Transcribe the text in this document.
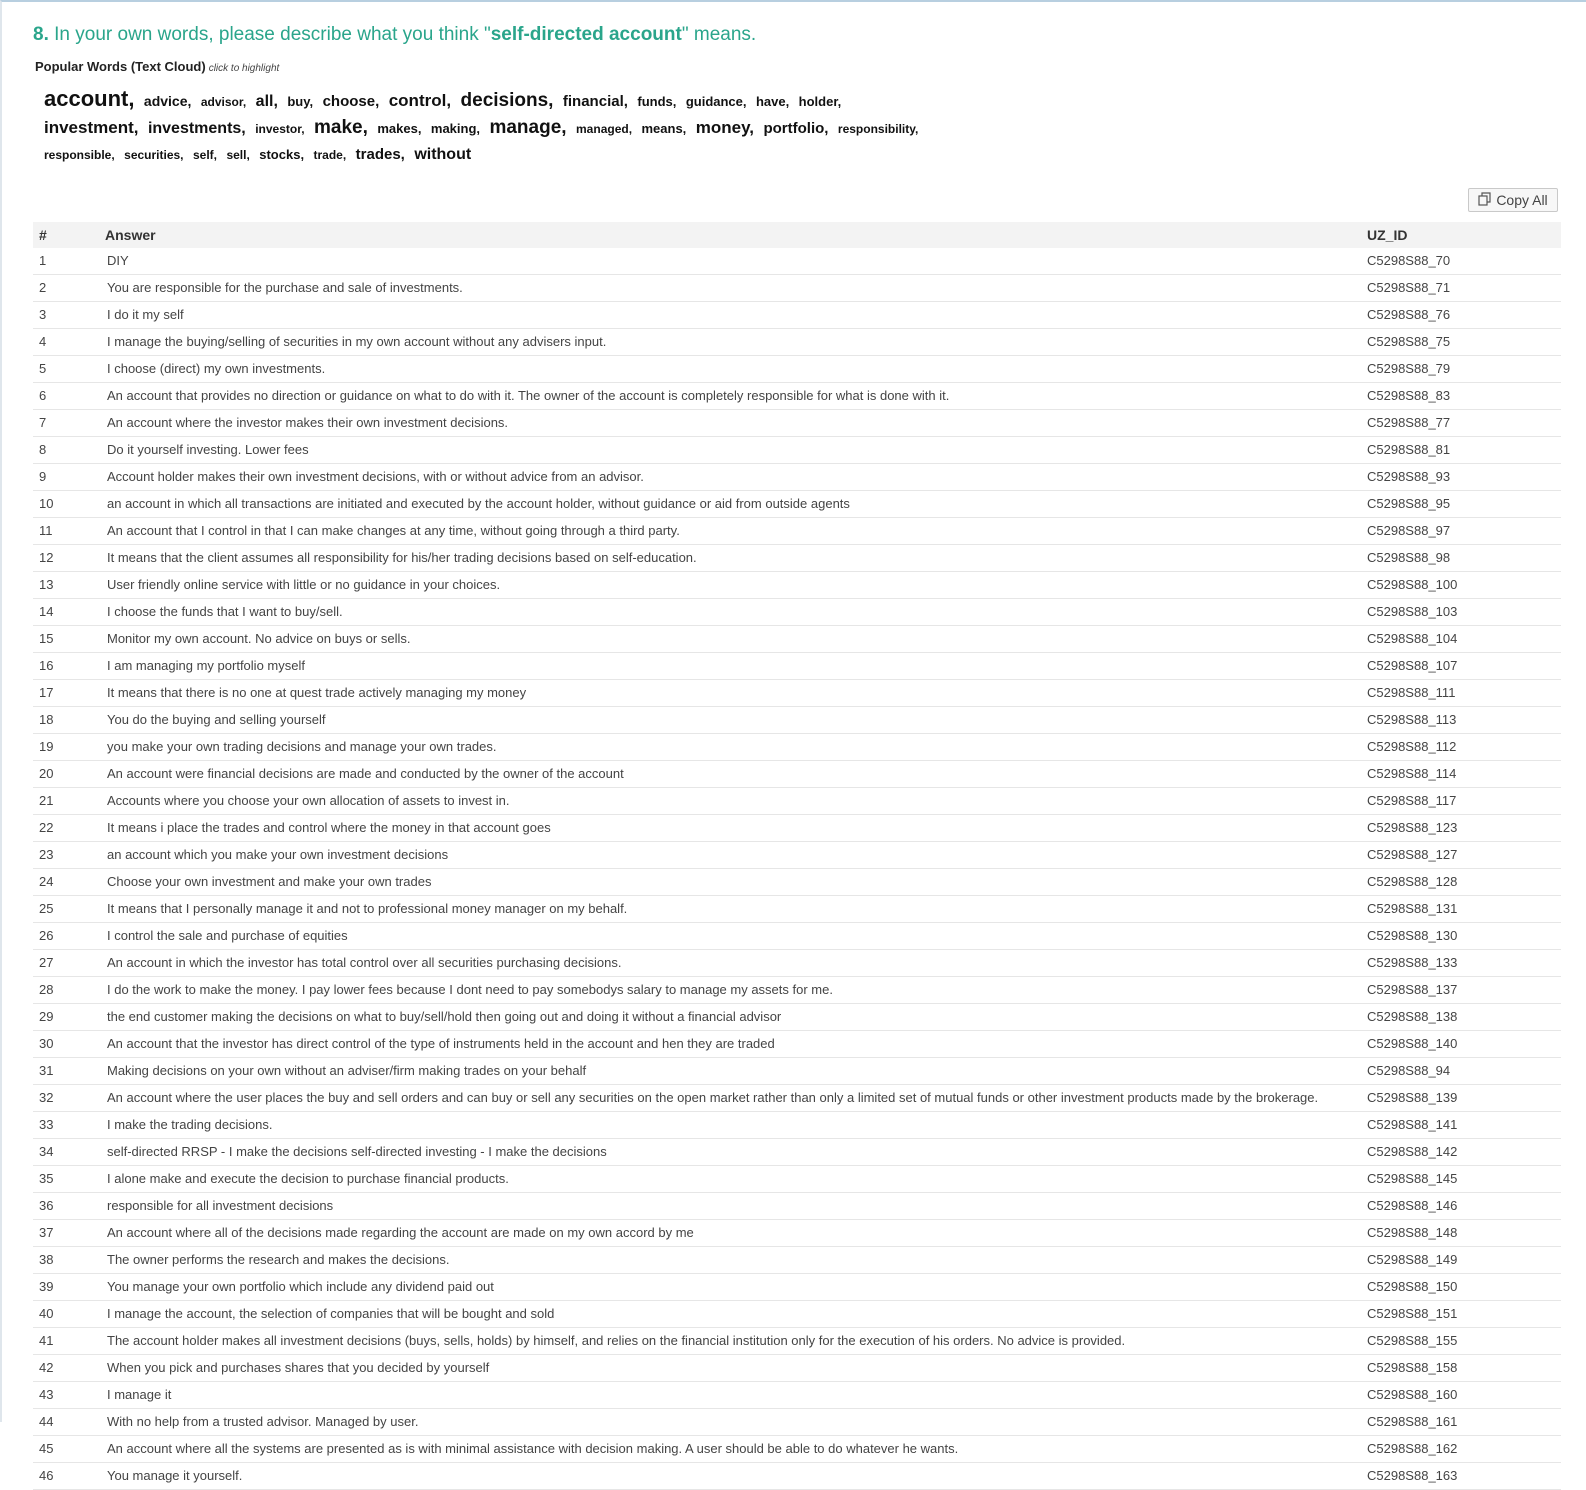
8. In your own words, please describe what you think "self-directed account" means.
Popular Words (Text Cloud) click to highlight
account, advice, advisor, all, buy, choose, control, decisions, financial, funds, guidance, have, holder, investment, investments, investor, make, makes, making, manage, managed, means, money, portfolio, responsibility, responsible, securities, self, sell, stocks, trade, trades, without
Copy All
#	Answer	UZ_ID
1	DIY	C5298S88_70
2	You are responsible for the purchase and sale of investments.	C5298S88_71
3	I do it my self	C5298S88_76
4	I manage the buying/selling of securities in my own account without any advisers input.	C5298S88_75
5	I choose (direct) my own investments.	C5298S88_79
6	An account that provides no direction or guidance on what to do with it. The owner of the account is completely responsible for what is done with it.	C5298S88_83
7	An account where the investor makes their own investment decisions.	C5298S88_77
8	Do it yourself investing. Lower fees	C5298S88_81
9	Account holder makes their own investment decisions, with or without advice from an advisor.	C5298S88_93
10	an account in which all transactions are initiated and executed by the account holder, without guidance or aid from outside agents	C5298S88_95
11	An account that I control in that I can make changes at any time, without going through a third party.	C5298S88_97
12	It means that the client assumes all responsibility for his/her trading decisions based on self-education.	C5298S88_98
13	User friendly online service with little or no guidance in your choices.	C5298S88_100
14	I choose the funds that I want to buy/sell.	C5298S88_103
15	Monitor my own account. No advice on buys or sells.	C5298S88_104
16	I am managing my portfolio myself	C5298S88_107
17	It means that there is no one at quest trade actively managing my money	C5298S88_111
18	You do the buying and selling yourself	C5298S88_113
19	you make your own trading decisions and manage your own trades.	C5298S88_112
20	An account were financial decisions are made and conducted by the owner of the account	C5298S88_114
21	Accounts where you choose your own allocation of assets to invest in.	C5298S88_117
22	It means i place the trades and control where the money in that account goes	C5298S88_123
23	an account which you make your own investment decisions	C5298S88_127
24	Choose your own investment and make your own trades	C5298S88_128
25	It means that I personally manage it and not to professional money manager on my behalf.	C5298S88_131
26	I control the sale and purchase of equities	C5298S88_130
27	An account in which the investor has total control over all securities purchasing decisions.	C5298S88_133
28	I do the work to make the money. I pay lower fees because I dont need to pay somebodys salary to manage my assets for me.	C5298S88_137
29	the end customer making the decisions on what to buy/sell/hold then going out and doing it without a financial advisor	C5298S88_138
30	An account that the investor has direct control of the type of instruments held in the account and hen they are traded	C5298S88_140
31	Making decisions on your own without an adviser/firm making trades on your behalf	C5298S88_94
32	An account where the user places the buy and sell orders and can buy or sell any securities on the open market rather than only a limited set of mutual funds or other investment products made by the brokerage.	C5298S88_139
33	I make the trading decisions.	C5298S88_141
34	self-directed RRSP - I make the decisions self-directed investing - I make the decisions	C5298S88_142
35	I alone make and execute the decision to purchase financial products.	C5298S88_145
36	responsible for all investment decisions	C5298S88_146
37	An account where all of the decisions made regarding the account are made on my own accord by me	C5298S88_148
38	The owner performs the research and makes the decisions.	C5298S88_149
39	You manage your own portfolio which include any dividend paid out	C5298S88_150
40	I manage the account, the selection of companies that will be bought and sold	C5298S88_151
41	The account holder makes all investment decisions (buys, sells, holds) by himself, and relies on the financial institution only for the execution of his orders. No advice is provided.	C5298S88_155
42	When you pick and purchases shares that you decided by yourself	C5298S88_158
43	I manage it	C5298S88_160
44	With no help from a trusted advisor. Managed by user.	C5298S88_161
45	An account where all the systems are presented as is with minimal assistance with decision making. A user should be able to do whatever he wants.	C5298S88_162
46	You manage it yourself.	C5298S88_163
